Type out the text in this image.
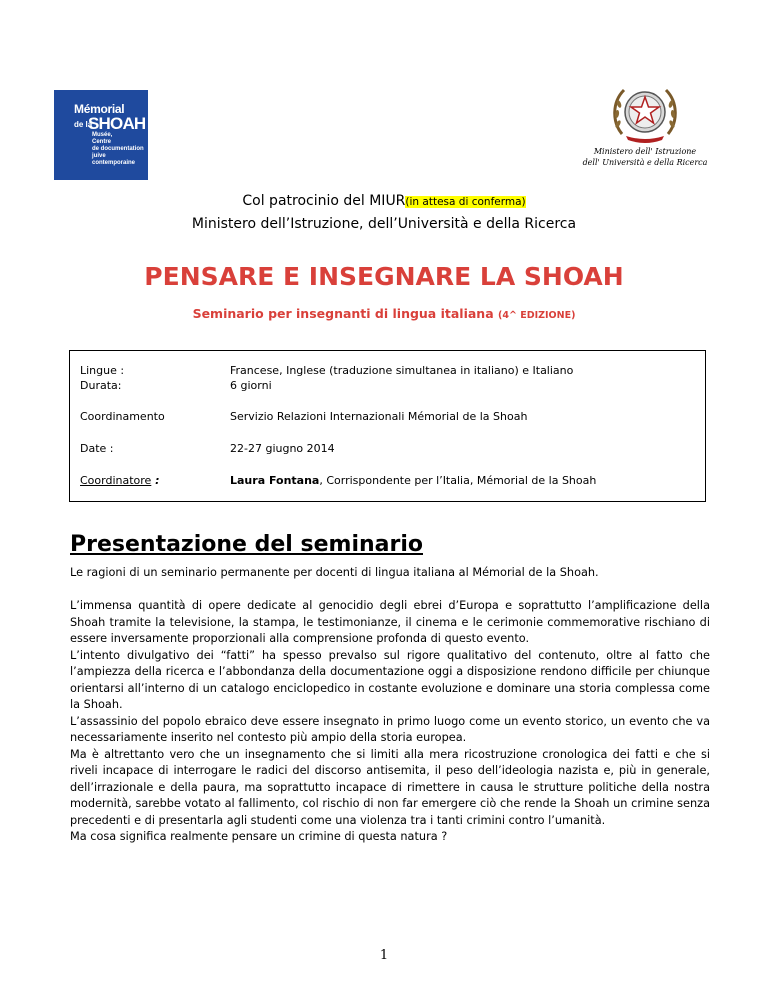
Mémorial
de la
SHOAH
Musée,
Centre
de documentation
juive
contemporaine
Ministero dell' Istruzione
dell' Università e della Ricerca
Col patrocinio del MIUR(in attesa di conferma)
Ministero dell’Istruzione, dell’Università e della Ricerca
PENSARE E INSEGNARE LA SHOAH
Seminario per insegnanti di lingua italiana (4^ EDIZIONE)
Lingue :	Francese, Inglese (traduzione simultanea in italiano) e Italiano
Durata:	6 giorni
Coordinamento	Servizio Relazioni Internazionali Mémorial de la Shoah
Date :	22-27 giugno 2014
Coordinatore :	Laura Fontana, Corrispondente per l’Italia, Mémorial de la Shoah
Presentazione del seminario
Le ragioni di un seminario permanente per docenti di lingua italiana al Mémorial de la Shoah.

L’immensa quantità di opere dedicate al genocidio degli ebrei d’Europa e soprattutto l’amplificazione della Shoah tramite la televisione, la stampa, le testimonianze, il cinema e le cerimonie commemorative rischiano di essere inversamente proporzionali alla comprensione profonda di questo evento.

L’intento divulgativo dei “fatti” ha spesso prevalso sul rigore qualitativo del contenuto, oltre al fatto che l’ampiezza della ricerca e l’abbondanza della documentazione oggi a disposizione rendono difficile per chiunque orientarsi all’interno di un catalogo enciclopedico in costante evoluzione e dominare una storia complessa come la Shoah.

L’assassinio del popolo ebraico deve essere insegnato in primo luogo come un evento storico, un evento che va necessariamente inserito nel contesto più ampio della storia europea.

Ma è altrettanto vero che un insegnamento che si limiti alla mera ricostruzione cronologica dei fatti e che si riveli incapace di interrogare le radici del discorso antisemita, il peso dell’ideologia nazista e, più in generale, dell’irrazionale e della paura, ma soprattutto incapace di rimettere in causa le strutture politiche della nostra modernità, sarebbe votato al fallimento, col rischio di non far emergere ciò che rende la Shoah un crimine senza precedenti e di presentarla agli studenti come una violenza tra i tanti crimini contro l’umanità.

Ma cosa significa realmente pensare un crimine di questa natura ?

1
